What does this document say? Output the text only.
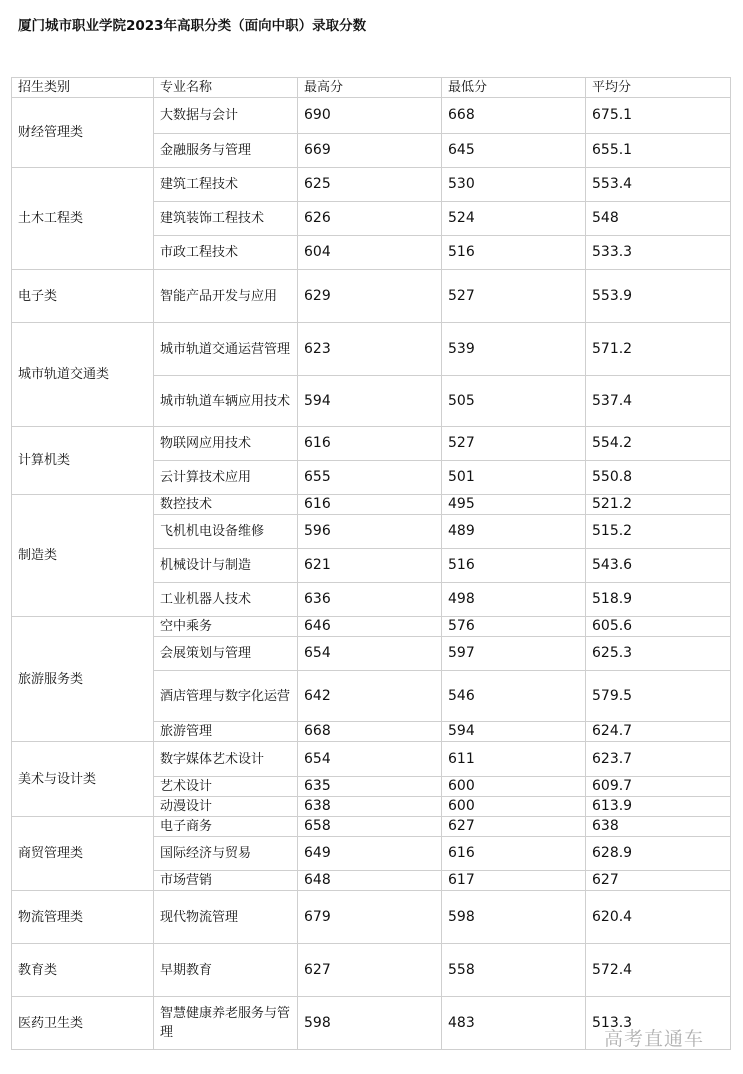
厦门城市职业学院2023年高职分类（面向中职）录取分数
招生类别	专业名称	最高分	最低分	平均分
财经管理类	大数据与会计	690	668	675.1
	金融服务与管理	669	645	655.1
土木工程类	建筑工程技术	625	530	553.4
	建筑装饰工程技术	626	524	548
	市政工程技术	604	516	533.3
电子类	智能产品开发与应用	629	527	553.9
城市轨道交通类	城市轨道交通运营管理	623	539	571.2
	城市轨道车辆应用技术	594	505	537.4
计算机类	物联网应用技术	616	527	554.2
	云计算技术应用	655	501	550.8
制造类	数控技术	616	495	521.2
	飞机机电设备维修	596	489	515.2
	机械设计与制造	621	516	543.6
	工业机器人技术	636	498	518.9
旅游服务类	空中乘务	646	576	605.6
	会展策划与管理	654	597	625.3
	酒店管理与数字化运营	642	546	579.5
	旅游管理	668	594	624.7
美术与设计类	数字媒体艺术设计	654	611	623.7
	艺术设计	635	600	609.7
	动漫设计	638	600	613.9
商贸管理类	电子商务	658	627	638
	国际经济与贸易	649	616	628.9
	市场营销	648	617	627
物流管理类	现代物流管理	679	598	620.4
教育类	早期教育	627	558	572.4
医药卫生类	智慧健康养老服务与管理	598	483	513.3
高考直通车
